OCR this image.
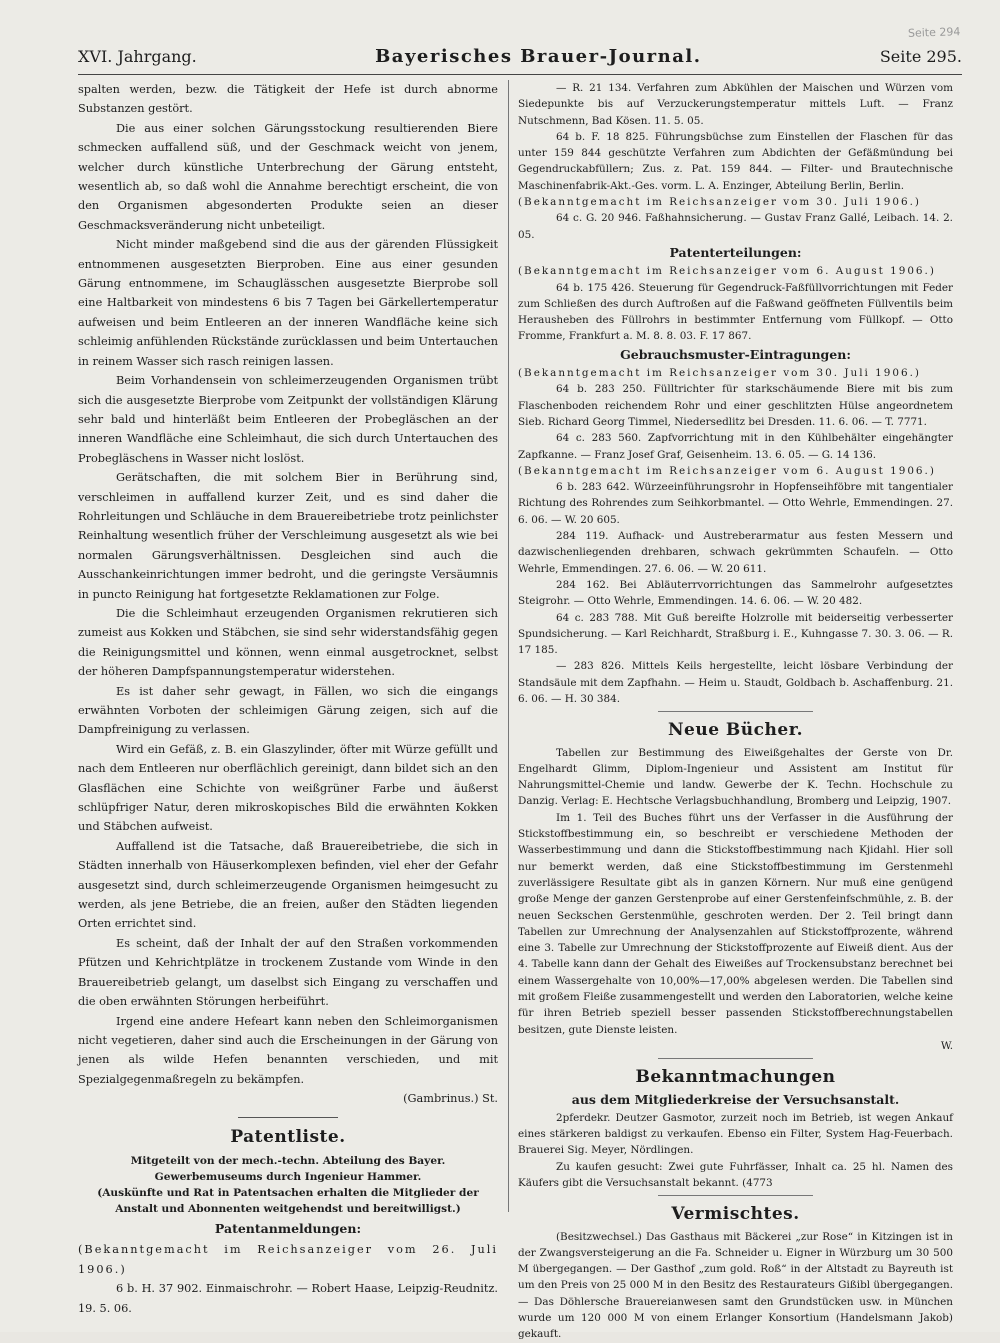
Seite 294
XVI. Jahrgang.	Bayerisches Brauer-Journal.	Seite 295.

spalten werden, bezw. die Tätigkeit der Hefe ist durch abnorme Substanzen gestört.

Die aus einer solchen Gärungsstockung resultierenden Biere schmecken auffallend süß, und der Geschmack weicht von jenem, welcher durch künstliche Unterbrechung der Gärung entsteht, wesentlich ab, so daß wohl die Annahme berechtigt erscheint, die von den Organismen abgesonderten Produkte seien an dieser Geschmacksveränderung nicht unbeteiligt.

Nicht minder maßgebend sind die aus der gärenden Flüssigkeit entnommenen ausgesetzten Bierproben. Eine aus einer gesunden Gärung entnommene, im Schauglässchen ausgesetzte Bierprobe soll eine Haltbarkeit von mindestens 6 bis 7 Tagen bei Gärkellertemperatur aufweisen und beim Entleeren an der inneren Wandfläche keine sich schleimig anfühlenden Rückstände zurücklassen und beim Untertauchen in reinem Wasser sich rasch reinigen lassen.

Beim Vorhandensein von schleimerzeugenden Organismen trübt sich die ausgesetzte Bierprobe vom Zeitpunkt der vollständigen Klärung sehr bald und hinterläßt beim Entleeren der Probegläschen an der inneren Wandfläche eine Schleimhaut, die sich durch Untertauchen des Probegläschens in Wasser nicht loslöst.

Gerätschaften, die mit solchem Bier in Berührung sind, verschleimen in auffallend kurzer Zeit, und es sind daher die Rohrleitungen und Schläuche in dem Brauereibetriebe trotz peinlichster Reinhaltung wesentlich früher der Verschleimung ausgesetzt als wie bei normalen Gärungsverhältnissen. Desgleichen sind auch die Ausschankeinrichtungen immer bedroht, und die geringste Versäumnis in puncto Reinigung hat fortgesetzte Reklamationen zur Folge.

Die die Schleimhaut erzeugenden Organismen rekrutieren sich zumeist aus Kokken und Stäbchen, sie sind sehr widerstandsfähig gegen die Reinigungsmittel und können, wenn einmal ausgetrocknet, selbst der höheren Dampfspannungstemperatur widerstehen.

Es ist daher sehr gewagt, in Fällen, wo sich die eingangs erwähnten Vorboten der schleimigen Gärung zeigen, sich auf die Dampfreinigung zu verlassen.

Wird ein Gefäß, z. B. ein Glaszylinder, öfter mit Würze gefüllt und nach dem Entleeren nur oberflächlich gereinigt, dann bildet sich an den Glasflächen eine Schichte von weißgrüner Farbe und äußerst schlüpfriger Natur, deren mikroskopisches Bild die erwähnten Kokken und Stäbchen aufweist.

Auffallend ist die Tatsache, daß Brauereibetriebe, die sich in Städten innerhalb von Häuserkomplexen befinden, viel eher der Gefahr ausgesetzt sind, durch schleimerzeugende Organismen heimgesucht zu werden, als jene Betriebe, die an freien, außer den Städten liegenden Orten errichtet sind.

Es scheint, daß der Inhalt der auf den Straßen vorkommenden Pfützen und Kehrichtplätze in trockenem Zustande vom Winde in den Brauereibetrieb gelangt, um daselbst sich Eingang zu verschaffen und die oben erwähnten Störungen herbeiführt.

Irgend eine andere Hefeart kann neben den Schleimorganismen nicht vegetieren, daher sind auch die Erscheinungen in der Gärung von jenen als wilde Hefen benannten verschieden, und mit Spezialgegenmaßregeln zu bekämpfen.

(Gambrinus.) St.

Patentliste.
Mitgeteilt von der mech.-techn. Abteilung des Bayer. Gewerbemuseums durch Ingenieur Hammer.
(Auskünfte und Rat in Patentsachen erhalten die Mitglieder der Anstalt und Abonnenten weitgehendst und bereitwilligst.)
Patentanmeldungen:

(Bekanntgemacht im Reichsanzeiger vom 26. Juli 1906.)

6 b. H. 37 902. Einmaischrohr. — Robert Haase, Leipzig-Reudnitz. 19. 5. 06.

— R. 21 134. Verfahren zum Abkühlen der Maischen und Würzen vom Siedepunkte bis auf Verzuckerungstemperatur mittels Luft. — Franz Nutschmenn, Bad Kösen. 11. 5. 05.

64 b. F. 18 825. Führungsbüchse zum Einstellen der Flaschen für das unter 159 844 geschützte Verfahren zum Abdichten der Gefäßmündung bei Gegendruckabfüllern; Zus. z. Pat. 159 844. — Filter- und Brautechnische Maschinenfabrik-Akt.-Ges. vorm. L. A. Enzinger, Abteilung Berlin, Berlin.

(Bekanntgemacht im Reichsanzeiger vom 30. Juli 1906.)

64 c. G. 20 946. Faßhahnsicherung. — Gustav Franz Gallé, Leibach. 14. 2. 05.

Patenterteilungen:

(Bekanntgemacht im Reichsanzeiger vom 6. August 1906.)

64 b. 175 426. Steuerung für Gegendruck-Faßfüllvorrichtungen mit Feder zum Schließen des durch Auftroßen auf die Faßwand geöffneten Füllventils beim Herausheben des Füllrohrs in bestimmter Entfernung vom Füllkopf. — Otto Fromme, Frankfurt a. M. 8. 8. 03. F. 17 867.

Gebrauchsmuster-Eintragungen:

(Bekanntgemacht im Reichsanzeiger vom 30. Juli 1906.)

64 b. 283 250. Fülltrichter für starkschäumende Biere mit bis zum Flaschenboden reichendem Rohr und einer geschlitzten Hülse angeordnetem Sieb. Richard Georg Timmel, Niedersedlitz bei Dresden. 11. 6. 06. — T. 7771.

64 c. 283 560. Zapfvorrichtung mit in den Kühlbehälter eingehängter Zapfkanne. — Franz Josef Graf, Geisenheim. 13. 6. 05. — G. 14 136.

(Bekanntgemacht im Reichsanzeiger vom 6. August 1906.)

6 b. 283 642. Würzeeinführungsrohr in Hopfenseihföbre mit tangentialer Richtung des Rohrendes zum Seihkorbmantel. — Otto Wehrle, Emmendingen. 27. 6. 06. — W. 20 605.

284 119. Aufhack- und Austreberarmatur aus festen Messern und dazwischenliegenden drehbaren, schwach gekrümmten Schaufeln. — Otto Wehrle, Emmendingen. 27. 6. 06. — W. 20 611.

284 162. Bei Abläuterrvorrichtungen das Sammelrohr aufgesetztes Steigrohr. — Otto Wehrle, Emmendingen. 14. 6. 06. — W. 20 482.

64 c. 283 788. Mit Guß bereifte Holzrolle mit beiderseitig verbesserter Spundsicherung. — Karl Reichhardt, Straßburg i. E., Kuhngasse 7. 30. 3. 06. — R. 17 185.

— 283 826. Mittels Keils hergestellte, leicht lösbare Verbindung der Standsäule mit dem Zapfhahn. — Heim u. Staudt, Goldbach b. Aschaffenburg. 21. 6. 06. — H. 30 384.

Neue Bücher.

Tabellen zur Bestimmung des Eiweißgehaltes der Gerste von Dr. Engelhardt Glimm, Diplom-Ingenieur und Assistent am Institut für Nahrungsmittel-Chemie und landw. Gewerbe der K. Techn. Hochschule zu Danzig. Verlag: E. Hechtsche Verlagsbuchhandlung, Bromberg und Leipzig, 1907.

Im 1. Teil des Buches führt uns der Verfasser in die Ausführung der Stickstoffbestimmung ein, so beschreibt er verschiedene Methoden der Wasserbestimmung und dann die Stickstoffbestimmung nach Kjidahl. Hier soll nur bemerkt werden, daß eine Stickstoffbestimmung im Gerstenmehl zuverlässigere Resultate gibt als in ganzen Körnern. Nur muß eine genügend große Menge der ganzen Gerstenprobe auf einer Gerstenfeinfschmühle, z. B. der neuen Seckschen Gerstenmühle, geschroten werden. Der 2. Teil bringt dann Tabellen zur Umrechnung der Analysenzahlen auf Stickstoffprozente, während eine 3. Tabelle zur Umrechnung der Stickstoffprozente auf Eiweiß dient. Aus der 4. Tabelle kann dann der Gehalt des Eiweißes auf Trockensubstanz berechnet bei einem Wassergehalte von 10,00%—17,00% abgelesen werden. Die Tabellen sind mit großem Fleiße zusammengestellt und werden den Laboratorien, welche keine für ihren Betrieb speziell besser passenden Stickstoffberechnungstabellen besitzen, gute Dienste leisten.

W.

Bekanntmachungen
aus dem Mitgliederkreise der Versuchsanstalt.

2pferdekr. Deutzer Gasmotor, zurzeit noch im Betrieb, ist wegen Ankauf eines stärkeren baldigst zu verkaufen. Ebenso ein Filter, System Hag-Feuerbach. Brauerei Sig. Meyer, Nördlingen.

Zu kaufen gesucht: Zwei gute Fuhrfässer, Inhalt ca. 25 hl. Namen des Käufers gibt die Versuchsanstalt bekannt. (4773

Vermischtes.

(Besitzwechsel.) Das Gasthaus mit Bäckerei „zur Rose“ in Kitzingen ist in der Zwangsversteigerung an die Fa. Schneider u. Eigner in Würzburg um 30 500 M übergegangen. — Der Gasthof „zum gold. Roß“ in der Altstadt zu Bayreuth ist um den Preis von 25 000 M in den Besitz des Restaurateurs Gißibl übergegangen. — Das Döhlersche Brauereianwesen samt den Grundstücken usw. in München wurde um 120 000 M von einem Erlanger Konsortium (Handelsmann Jakob) gekauft.
